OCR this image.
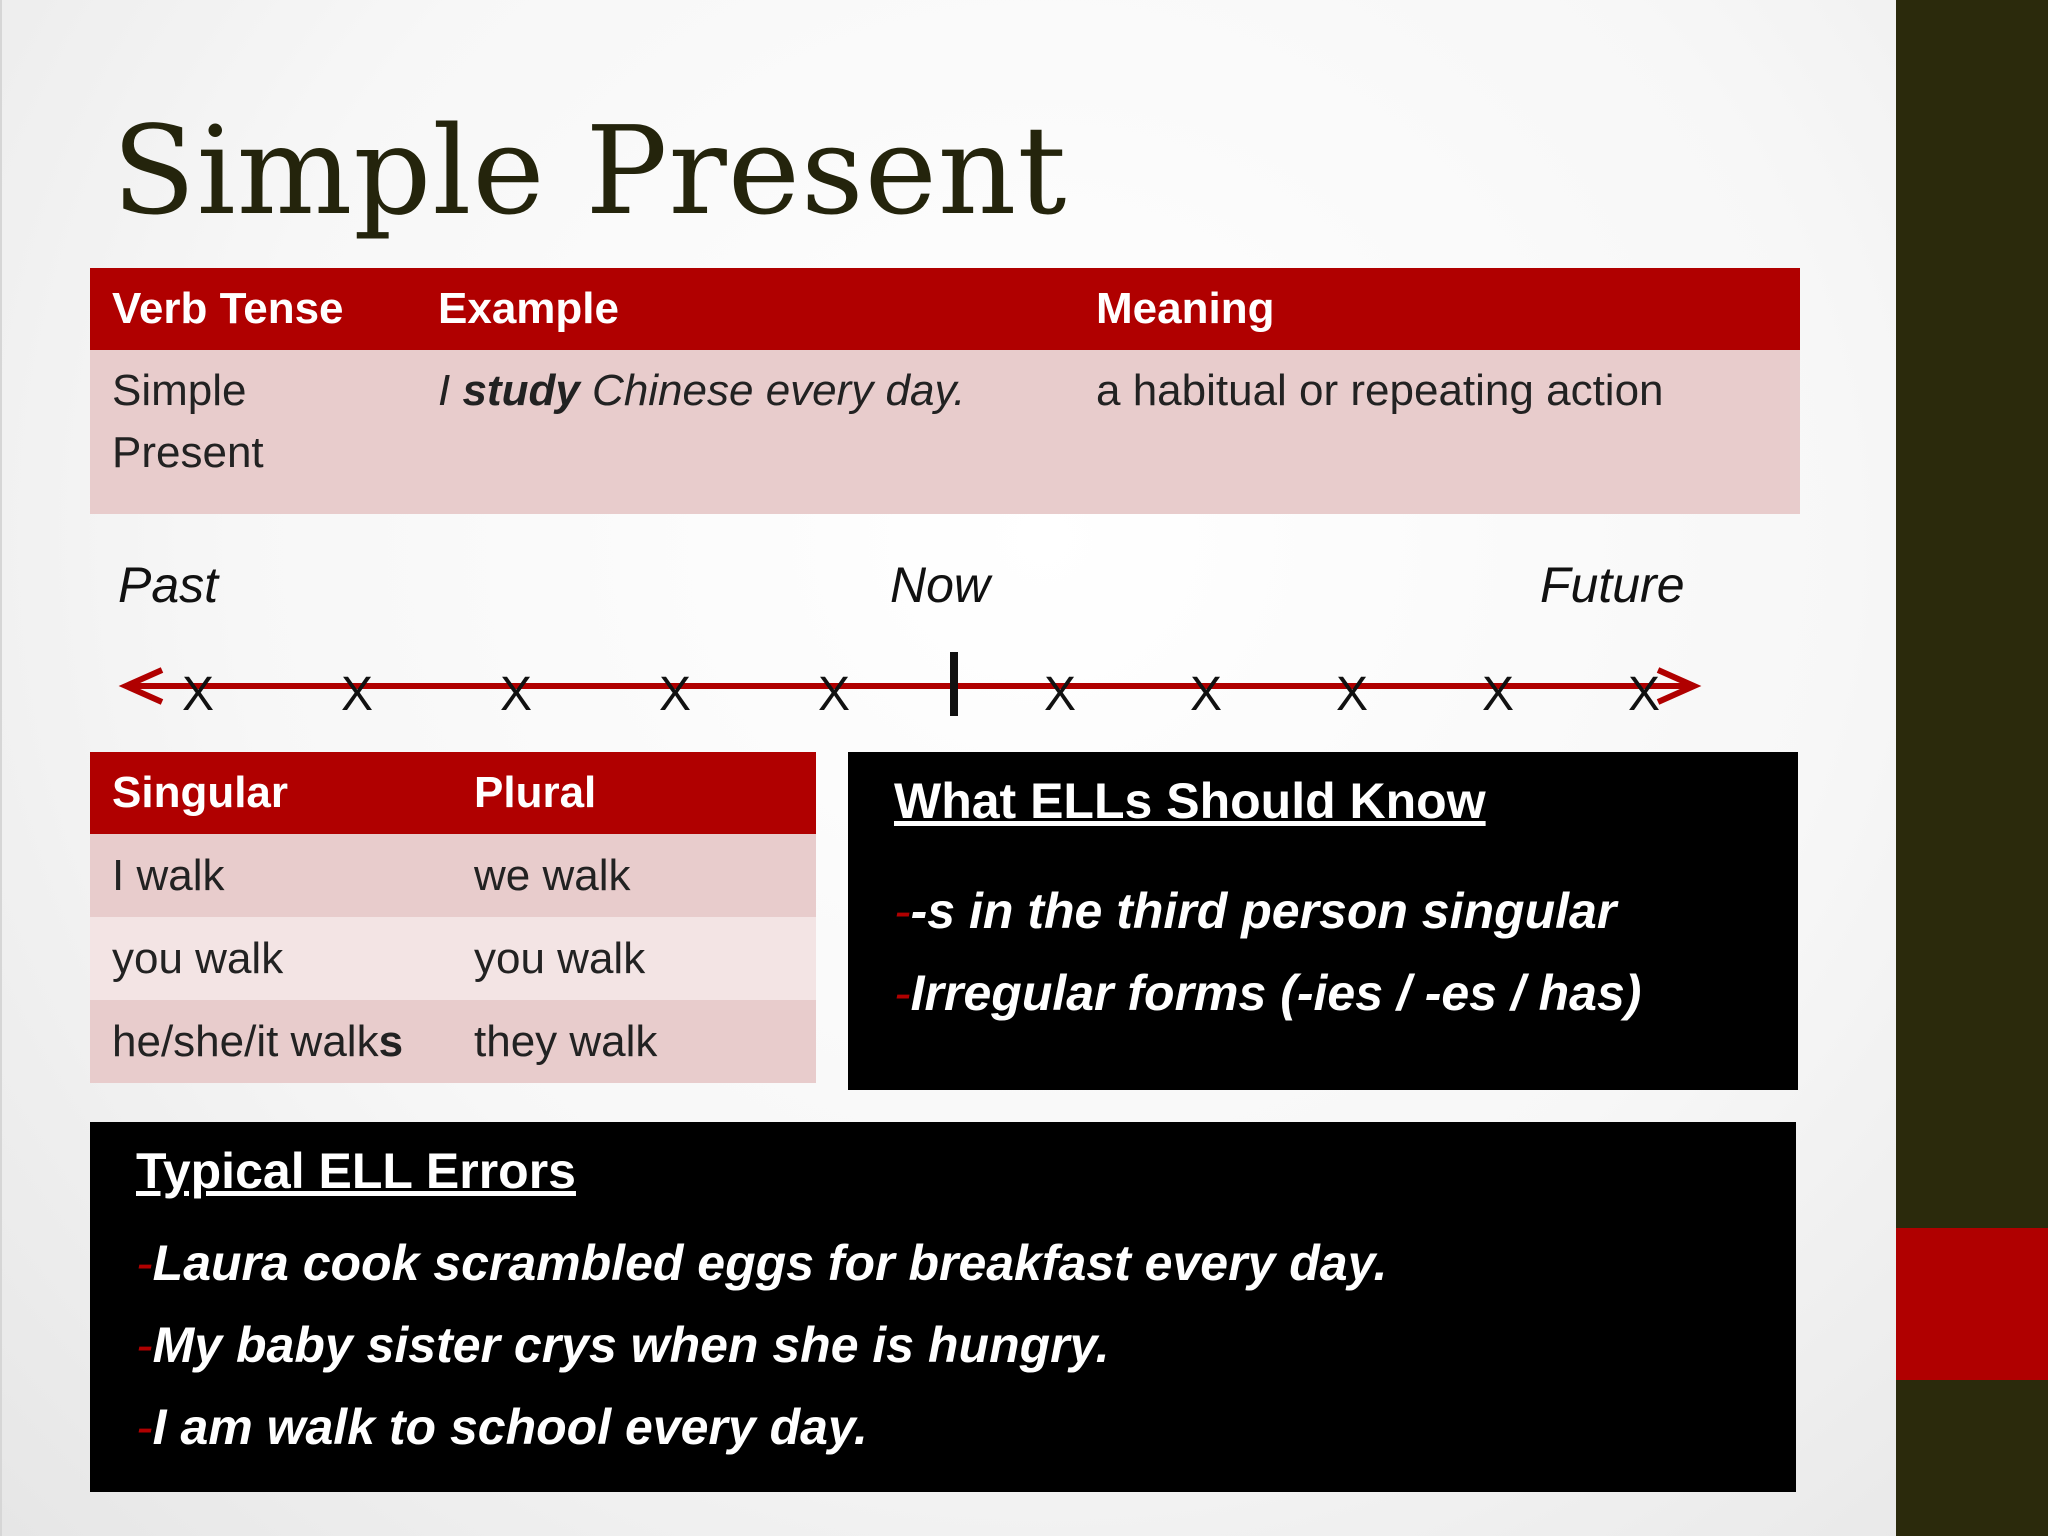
Simple Present
Verb Tense	Example	Meaning
Simple
Present	I study Chinese every day.	a habitual or repeating action
Past	Now	Future
X	X	X	X	X	X X X X X
Singular	Plural
I walk	we walk
you walk	you walk
he/she/it walks	they walk
What ELLs Should Know
--s in the third person singular
-Irregular forms (-ies / -es / has)
Typical ELL Errors
-Laura cook scrambled eggs for breakfast every day.
-My baby sister crys when she is hungry.
-I am walk to school every day.
